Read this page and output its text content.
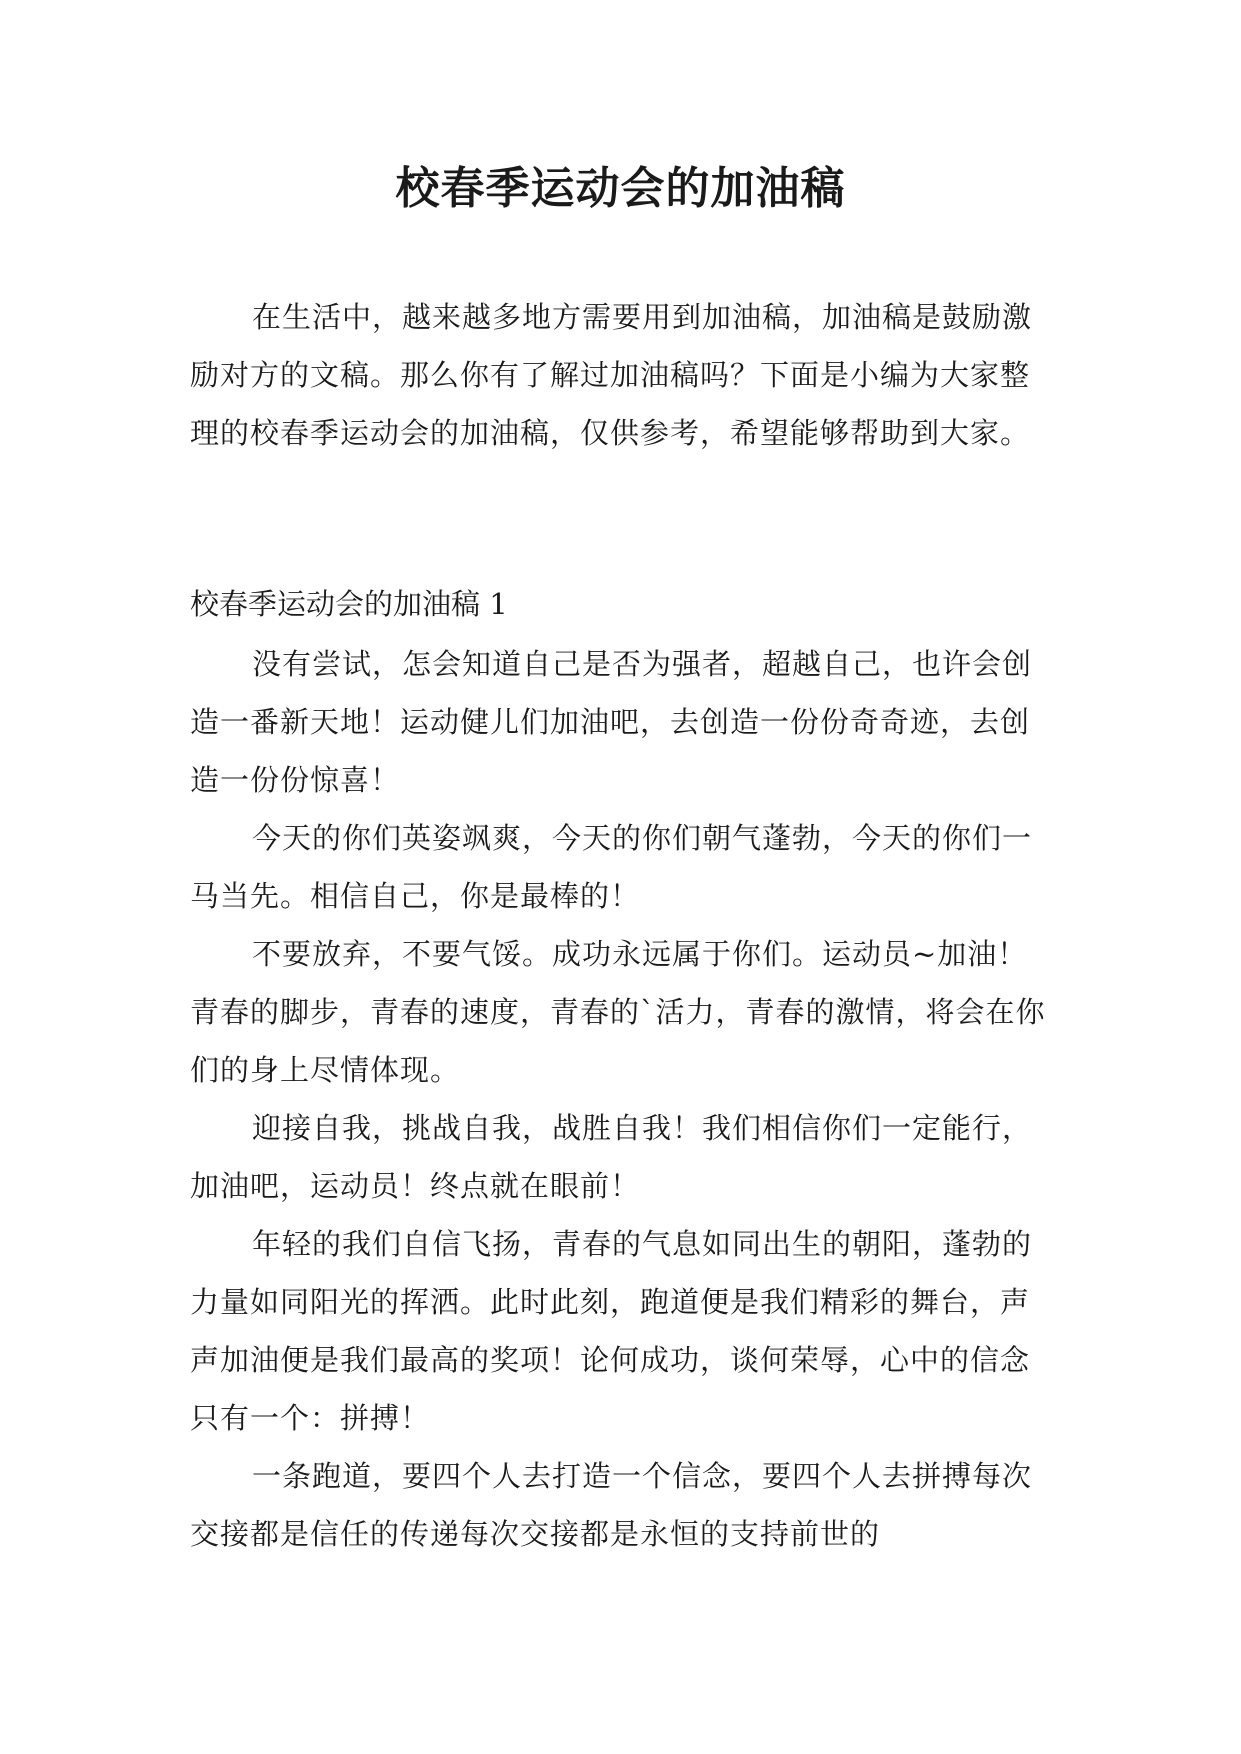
校春季运动会的加油稿

在生活中，越来越多地方需要用到加油稿，加油稿是鼓励激励对方的文稿。那么你有了解过加油稿吗？下面是小编为大家整理的校春季运动会的加油稿，仅供参考，希望能够帮助到大家。

校春季运动会的加油稿 1

没有尝试，怎会知道自己是否为强者，超越自己，也许会创造一番新天地！运动健儿们加油吧，去创造一份份奇奇迹，去创造一份份惊喜！

今天的你们英姿飒爽，今天的你们朝气蓬勃，今天的你们一马当先。相信自己，你是最棒的！

不要放弃，不要气馁。成功永远属于你们。运动员~加油！青春的脚步，青春的速度，青春的`活力，青春的激情，将会在你们的身上尽情体现。

迎接自我，挑战自我，战胜自我！我们相信你们一定能行，加油吧，运动员！终点就在眼前！

年轻的我们自信飞扬，青春的气息如同出生的朝阳，蓬勃的力量如同阳光的挥洒。此时此刻，跑道便是我们精彩的舞台，声声加油便是我们最高的奖项！论何成功，谈何荣辱，心中的信念只有一个：拼搏！

一条跑道，要四个人去打造一个信念，要四个人去拼搏每次交接都是信任的传递每次交接都是永恒的支持前世的
